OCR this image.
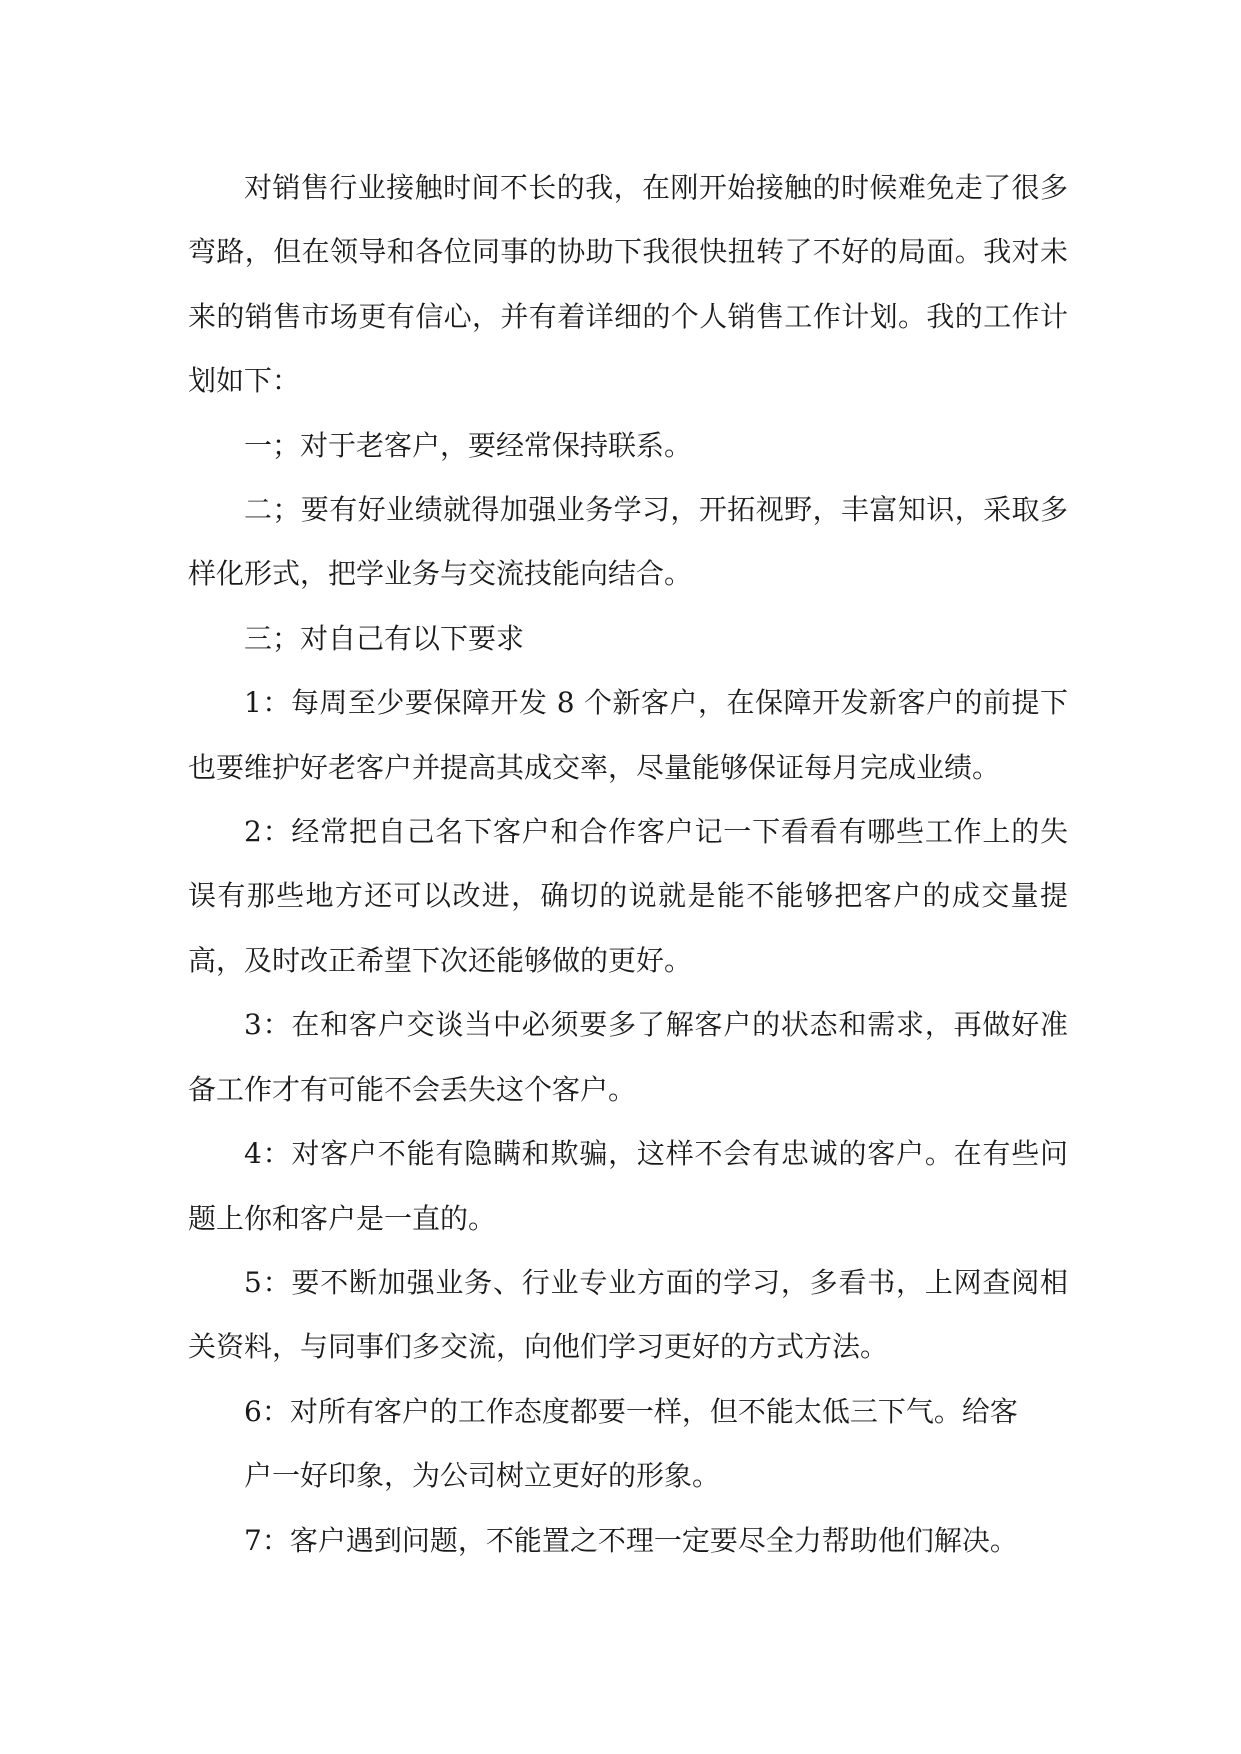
对销售行业接触时间不长的我，在刚开始接触的时候难免走了很多弯路，但在领导和各位同事的协助下我很快扭转了不好的局面。我对未来的销售市场更有信心，并有着详细的个人销售工作计划。我的工作计划如下：

一；对于老客户，要经常保持联系。

二；要有好业绩就得加强业务学习，开拓视野，丰富知识，采取多样化形式，把学业务与交流技能向结合。

三；对自己有以下要求

1：每周至少要保障开发 8 个新客户，在保障开发新客户的前提下也要维护好老客户并提高其成交率，尽量能够保证每月完成业绩。

2：经常把自己名下客户和合作客户记一下看看有哪些工作上的失误有那些地方还可以改进，确切的说就是能不能够把客户的成交量提高，及时改正希望下次还能够做的更好。

3：在和客户交谈当中必须要多了解客户的状态和需求，再做好准备工作才有可能不会丢失这个客户。

4：对客户不能有隐瞒和欺骗，这样不会有忠诚的客户。在有些问题上你和客户是一直的。

5：要不断加强业务、行业专业方面的学习，多看书，上网查阅相关资料，与同事们多交流，向他们学习更好的方式方法。

6：对所有客户的工作态度都要一样，但不能太低三下气。给客

户一好印象，为公司树立更好的形象。

7：客户遇到问题，不能置之不理一定要尽全力帮助他们解决。
